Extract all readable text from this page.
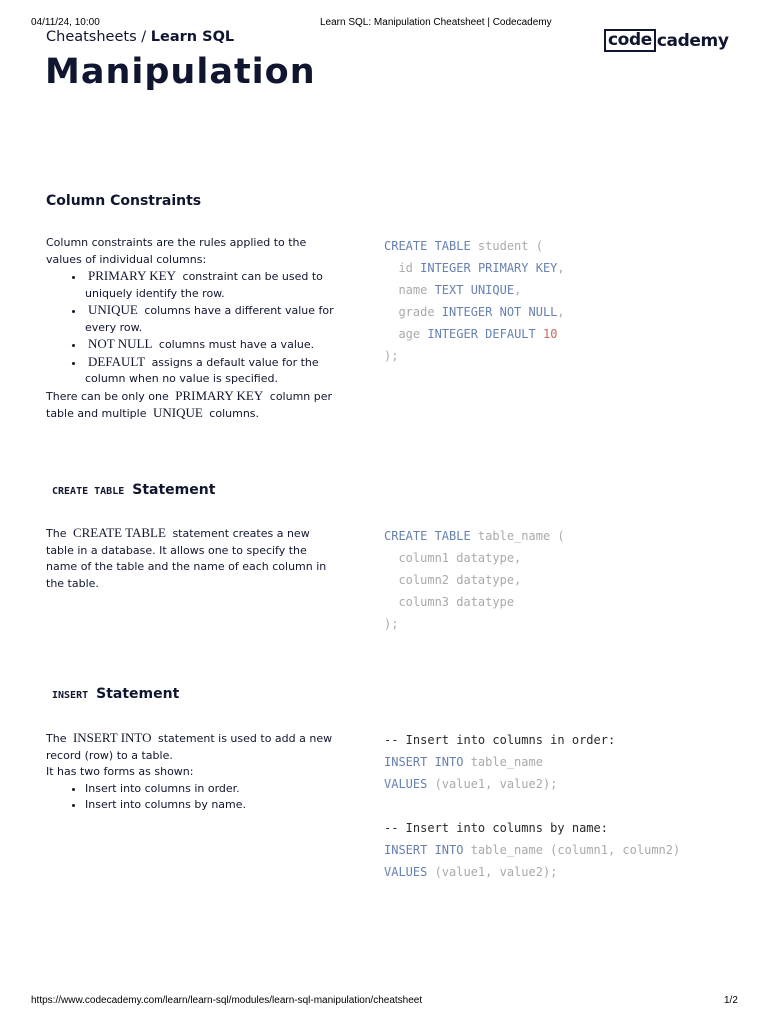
04/11/24, 10:00	Learn SQL: Manipulation Cheatsheet | Codecademy
Cheatsheets / Learn SQL	code cademy
Manipulation
Column Constraints
Column constraints are the rules applied to the values of individual columns:
• PRIMARY KEY constraint can be used to uniquely identify the row.
• UNIQUE columns have a different value for every row.
• NOT NULL columns must have a value.
• DEFAULT assigns a default value for the column when no value is specified.
There can be only one PRIMARY KEY column per table and multiple UNIQUE columns.
CREATE TABLE student (
id INTEGER PRIMARY KEY,
name TEXT UNIQUE,
grade INTEGER NOT NULL,
age INTEGER DEFAULT 10
);
CREATE TABLE Statement
The CREATE TABLE statement creates a new table in a database. It allows one to specify the name of the table and the name of each column in the table.
CREATE TABLE table_name (
column1 datatype,
column2 datatype,
column3 datatype
);
INSERT Statement
The INSERT INTO statement is used to add a new record (row) to a table.
It has two forms as shown:
• Insert into columns in order.
• Insert into columns by name.
-- Insert into columns in order:
INSERT INTO table_name
VALUES (value1, value2);

-- Insert into columns by name:
INSERT INTO table_name (column1, column2)
VALUES (value1, value2);
https://www.codecademy.com/learn/learn-sql/modules/learn-sql-manipulation/cheatsheet	1/2
